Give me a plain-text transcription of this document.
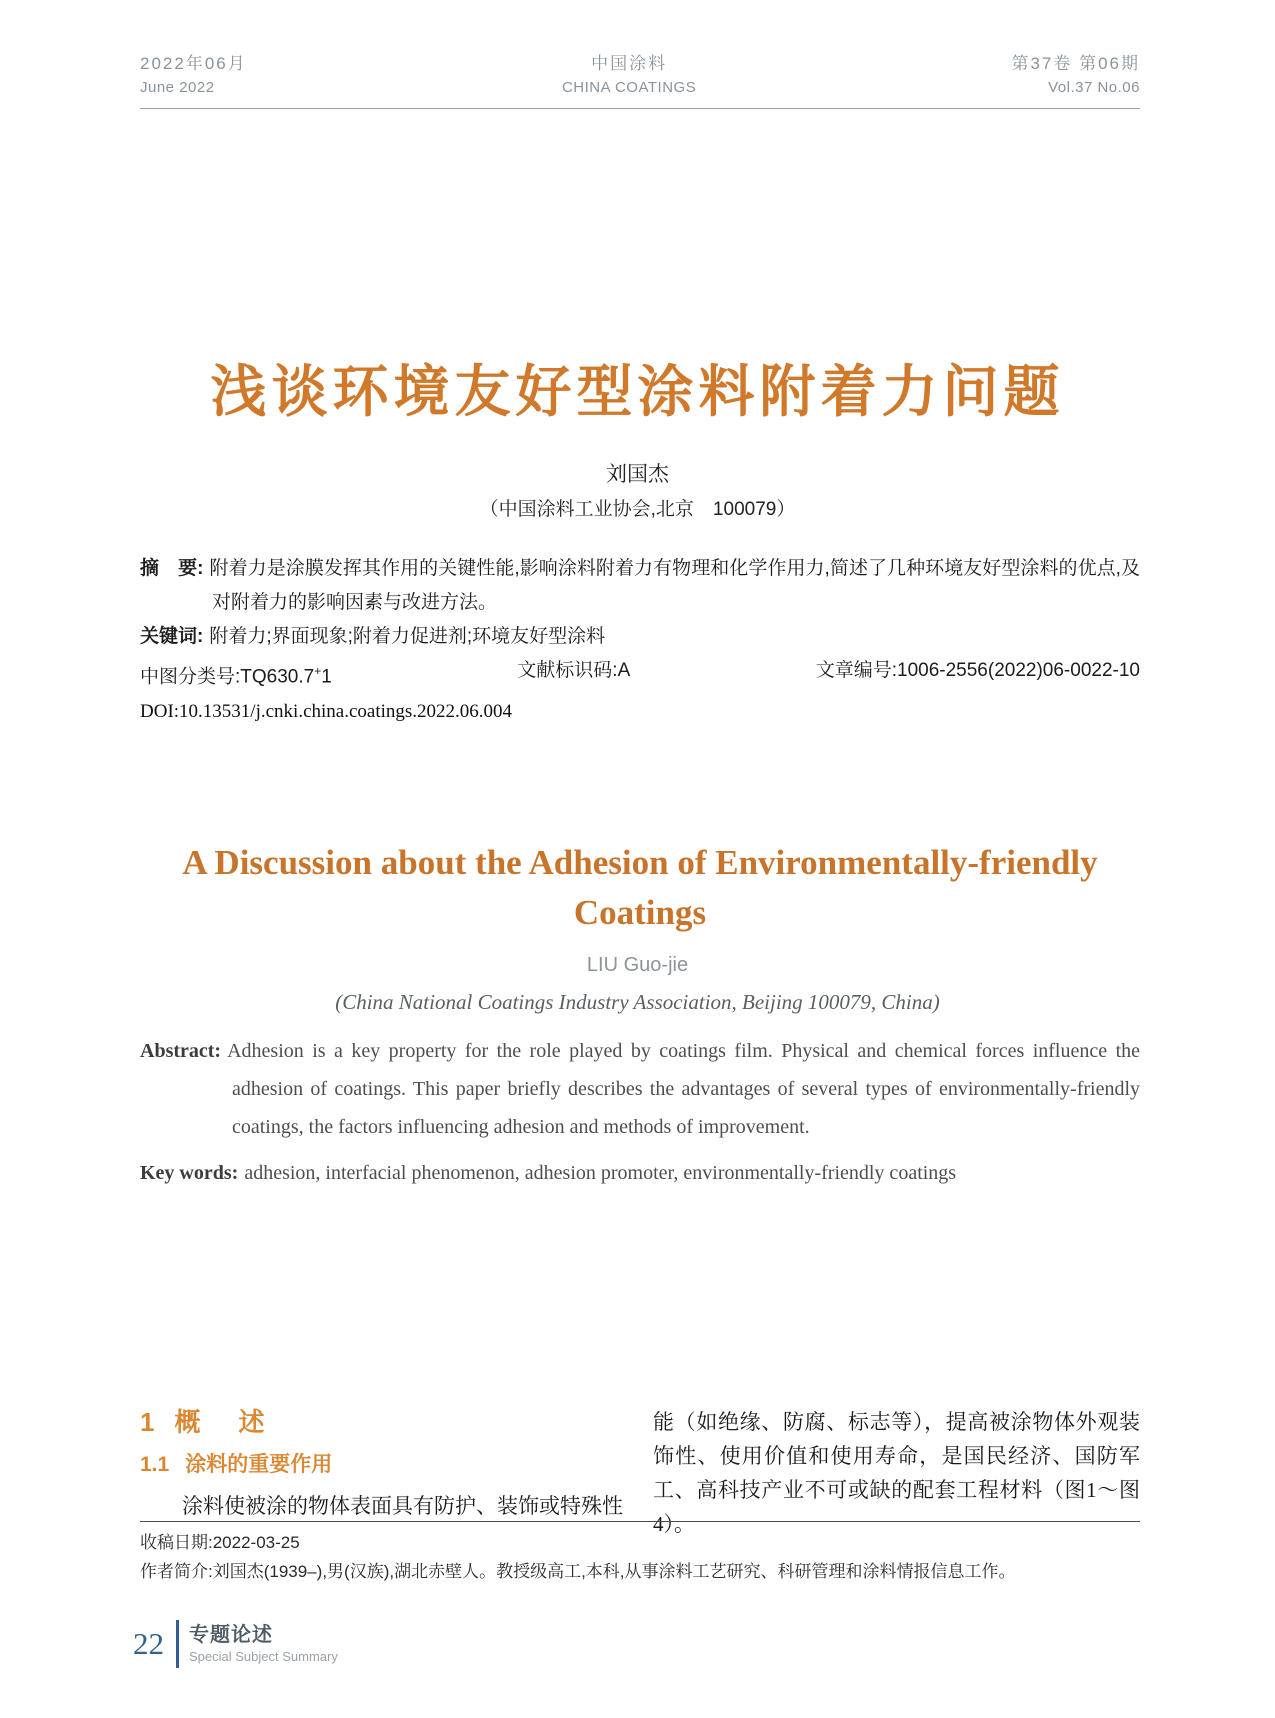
2022年06月
June 2022
中国涂料
CHINA COATINGS
第37卷 第06期
Vol.37 No.06
浅谈环境友好型涂料附着力问题
刘国杰
（中国涂料工业协会,北京　100079）
摘　要: 附着力是涂膜发挥其作用的关键性能,影响涂料附着力有物理和化学作用力,简述了几种环境友好型涂料的优点,及对附着力的影响因素与改进方法。
关键词: 附着力;界面现象;附着力促进剂;环境友好型涂料
中图分类号:TQ630.7+1	文献标识码:A	文章编号:1006-2556(2022)06-0022-10
DOI:10.13531/j.cnki.china.coatings.2022.06.004
A Discussion about the Adhesion of Environmentally-friendly Coatings
LIU Guo-jie
(China National Coatings Industry Association, Beijing 100079, China)
Abstract: Adhesion is a key property for the role played by coatings film. Physical and chemical forces influence the adhesion of coatings. This paper briefly describes the advantages of several types of environmentally-friendly coatings, the factors influencing adhesion and methods of improvement.
Key words: adhesion, interfacial phenomenon, adhesion promoter, environmentally-friendly coatings
1 概　述
1.1 涂料的重要作用
涂料使被涂的物体表面具有防护、装饰或特殊性
能（如绝缘、防腐、标志等），提高被涂物体外观装饰性、使用价值和使用寿命，是国民经济、国防军工、高科技产业不可或缺的配套工程材料（图1～图4）。
收稿日期:2022-03-25
作者简介:刘国杰(1939–),男(汉族),湖北赤壁人。教授级高工,本科,从事涂料工艺研究、科研管理和涂料情报信息工作。
22 专题论述
Special Subject Summary
